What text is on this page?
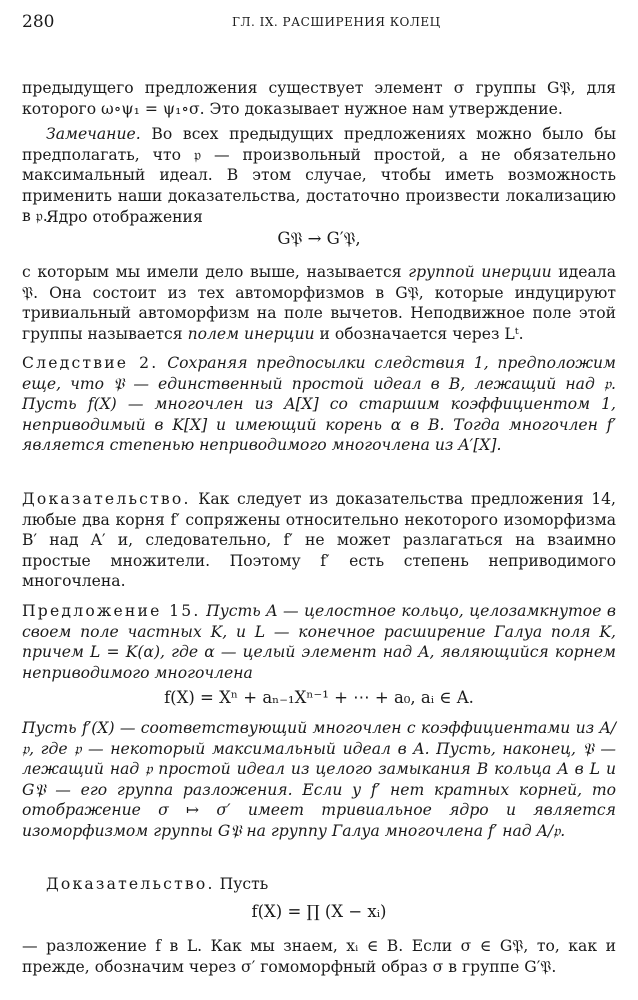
280	ГЛ. IX. РАСШИРЕНИЯ КОЛЕЦ

предыдущего предложения существует элемент σ группы G𝔓, для которого ω∘ψ₁ = ψ₁∘σ. Это доказывает нужное нам утверждение.

Замечание. Во всех предыдущих предложениях можно было бы предполагать, что 𝔭 — произвольный простой, а не обязательно максимальный идеал. В этом случае, чтобы иметь возможность применить наши доказательства, достаточно произвести локализацию в 𝔭.

Ядро отображения

G𝔓 → G′𝔓,

с которым мы имели дело выше, называется группой инерции идеала 𝔓. Она состоит из тех автоморфизмов в G𝔓, которые индуцируют тривиальный автоморфизм на поле вычетов. Неподвижное поле этой группы называется полем инерции и обозначается через Lᵗ.

Следствие 2. Сохраняя предпосылки следствия 1, предположим еще, что 𝔓 — единственный простой идеал в B, лежащий над 𝔭. Пусть f(X) — многочлен из A[X] со старшим коэффициентом 1, неприводимый в K[X] и имеющий корень α в B. Тогда многочлен f′ является степенью неприводимого многочлена из A′[X].

Доказательство. Как следует из доказательства предложения 14, любые два корня f′ сопряжены относительно некоторого изоморфизма B′ над A′ и, следовательно, f′ не может разлагаться на взаимно простые множители. Поэтому f′ есть степень неприводимого многочлена.

Предложение 15. Пусть A — целостное кольцо, целозамкнутое в своем поле частных K, и L — конечное расширение Галуа поля K, причем L = K(α), где α — целый элемент над A, являющийся корнем неприводимого многочлена

f(X) = Xⁿ + aₙ₋₁Xⁿ⁻¹ + ⋯ + a₀, aᵢ ∈ A.

Пусть f′(X) — соответствующий многочлен с коэффициентами из A/𝔭, где 𝔭 — некоторый максимальный идеал в A. Пусть, наконец, 𝔓 — лежащий над 𝔭 простой идеал из целого замыкания B кольца A в L и G𝔓 — его группа разложения. Если у f′ нет кратных корней, то отображение σ ↦ σ′ имеет тривиальное ядро и является изоморфизмом группы G𝔓 на группу Галуа многочлена f′ над A/𝔭.

Доказательство. Пусть

f(X) = ∏ (X − xᵢ)

— разложение f в L. Как мы знаем, xᵢ ∈ B. Если σ ∈ G𝔓, то, как и прежде, обозначим через σ′ гомоморфный образ σ в группе G′𝔓.
